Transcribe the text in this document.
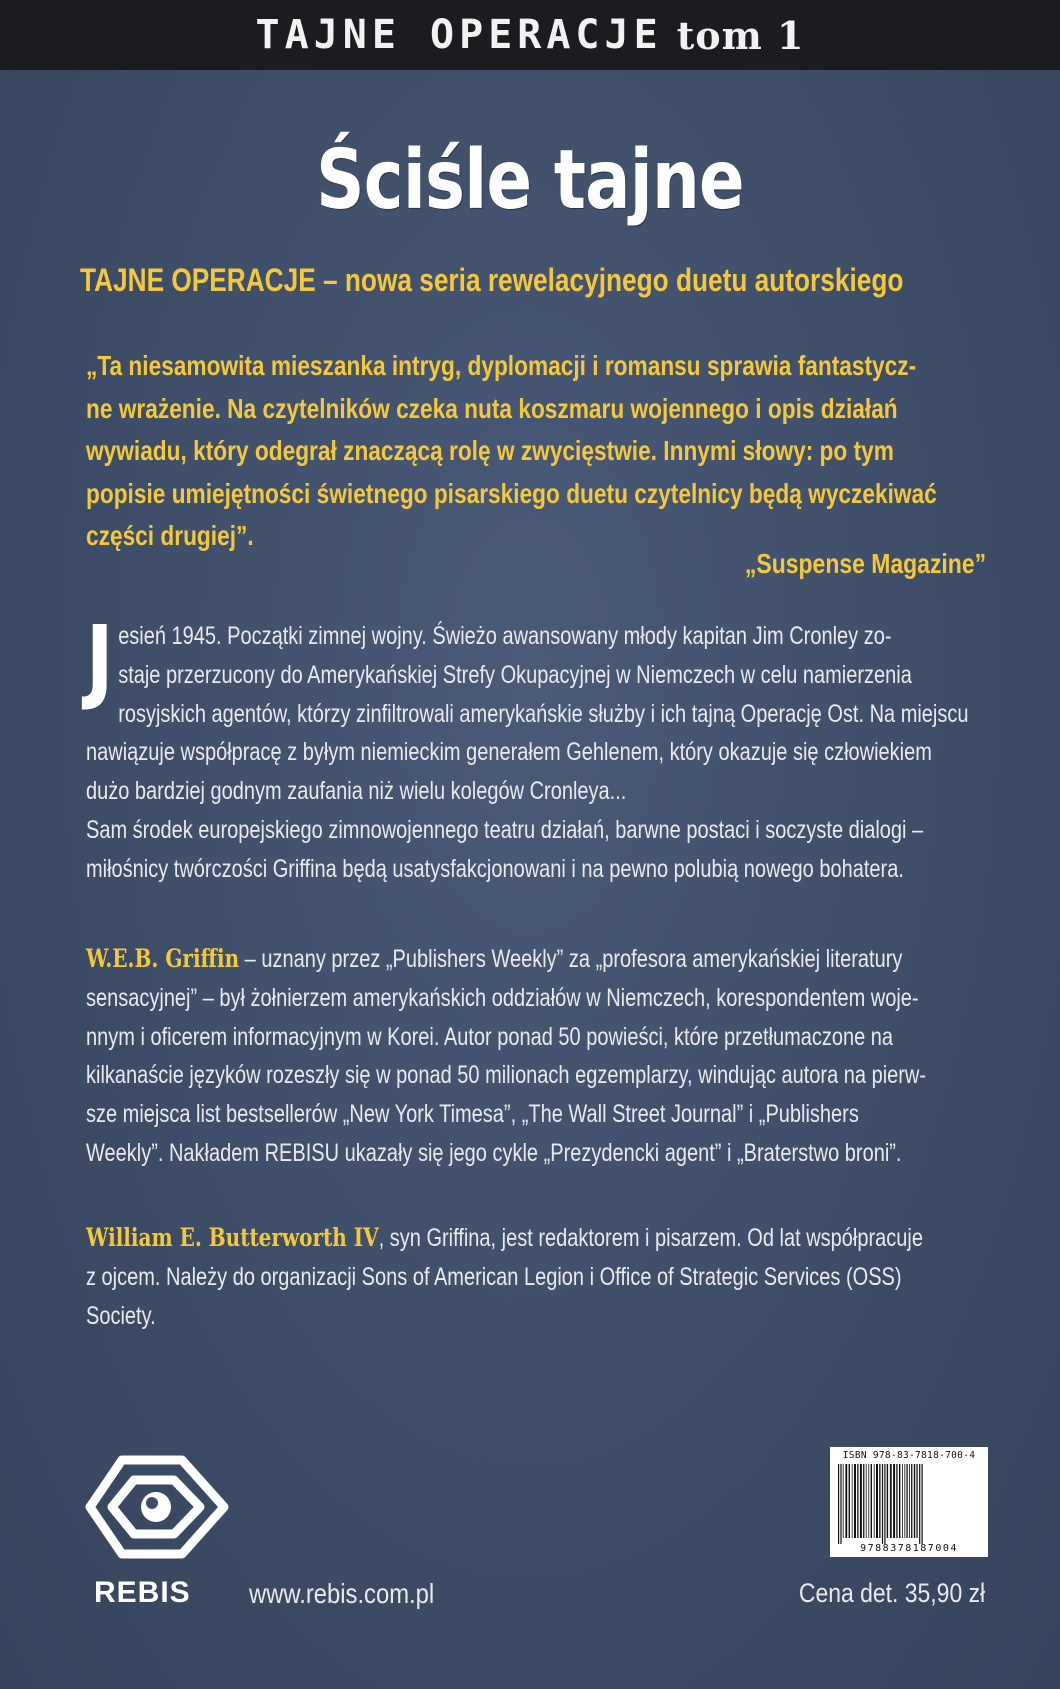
TAJNE OPERACJE tom 1
Ściśle tajne
TAJNE OPERACJE – nowa seria rewelacyjnego duetu autorskiego
„Ta niesamowita mieszanka intryg, dyplomacji i romansu sprawia fantastycz-
ne wrażenie. Na czytelników czeka nuta koszmaru wojennego i opis działań
wywiadu, który odegrał znaczącą rolę w zwycięstwie. Innymi słowy: po tym
popisie umiejętności świetnego pisarskiego duetu czytelnicy będą wyczekiwać
części drugiej”.
„Suspense Magazine”
J esień 1945. Początki zimnej wojny. Świeżo awansowany młody kapitan Jim Cronley zo-
staje przerzucony do Amerykańskiej Strefy Okupacyjnej w Niemczech w celu namierzenia
rosyjskich agentów, którzy zinfiltrowali amerykańskie służby i ich tajną Operację Ost. Na miejscu
nawiązuje współpracę z byłym niemieckim generałem Gehlenem, który okazuje się człowiekiem
dużo bardziej godnym zaufania niż wielu kolegów Cronleya...
Sam środek europejskiego zimnowojennego teatru działań, barwne postaci i soczyste dialogi –
miłośnicy twórczości Griffina będą usatysfakcjonowani i na pewno polubią nowego bohatera.
W.E.B. Griffin – uznany przez „Publishers Weekly” za „profesora amerykańskiej literatury
sensacyjnej” – był żołnierzem amerykańskich oddziałów w Niemczech, korespondentem woje-
nnym i oficerem informacyjnym w Korei. Autor ponad 50 powieści, które przetłumaczone na
kilkanaście języków rozeszły się w ponad 50 milionach egzemplarzy, windując autora na pierw-
sze miejsca list bestsellerów „New York Timesa”, „The Wall Street Journal” i „Publishers
Weekly”. Nakładem REBISU ukazały się jego cykle „Prezydencki agent” i „Braterstwo broni”.
William E. Butterworth IV, syn Griffina, jest redaktorem i pisarzem. Od lat współpracuje
z ojcem. Należy do organizacji Sons of American Legion i Office of Strategic Services (OSS)
Society.
REBIS www.rebis.com.pl
ISBN 978-83-7818-700-4
9788378187004
Cena det. 35,90 zł
